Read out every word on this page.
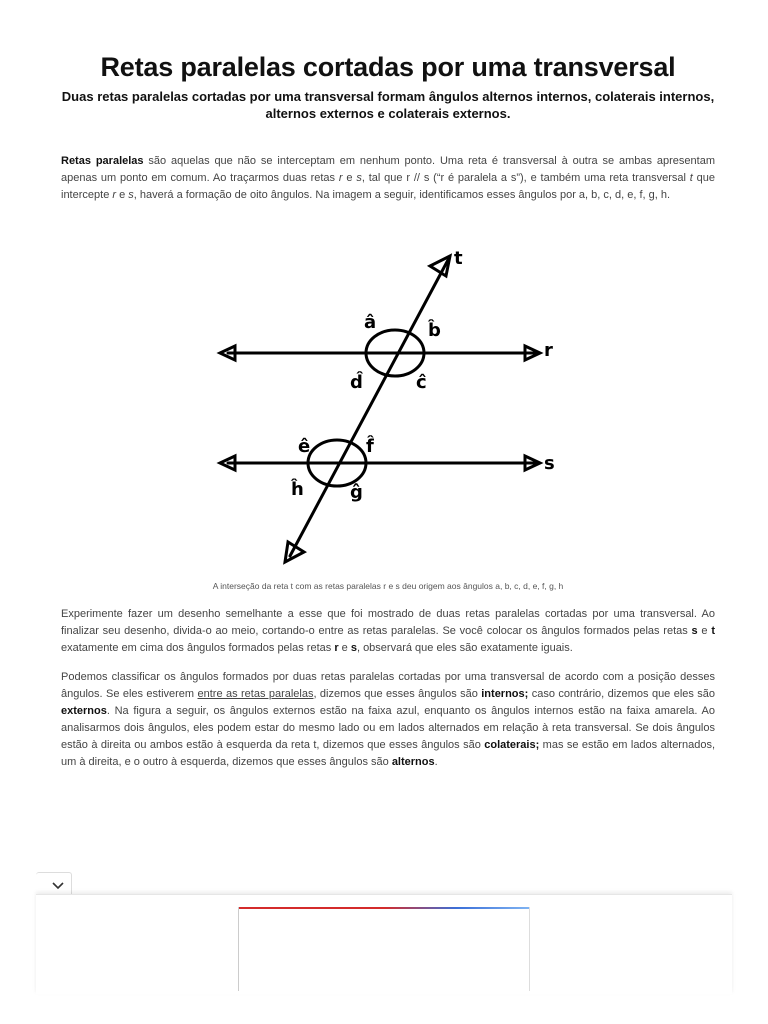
Retas paralelas cortadas por uma transversal
Duas retas paralelas cortadas por uma transversal formam ângulos alternos internos, colaterais internos, alternos externos e colaterais externos.

Retas paralelas são aquelas que não se interceptam em nenhum ponto. Uma reta é transversal à outra se ambas apresentam apenas um ponto em comum. Ao traçarmos duas retas r e s, tal que r // s (“r é paralela a s”), e também uma reta transversal t que intercepte r e s, haverá a formação de oito ângulos. Na imagem a seguir, identificamos esses ângulos por a, b, c, d, e, f, g, h.

A interseção da reta t com as retas paralelas r e s deu origem aos ângulos a, b, c, d, e, f, g, h

Experimente fazer um desenho semelhante a esse que foi mostrado de duas retas paralelas cortadas por uma transversal. Ao finalizar seu desenho, divida-o ao meio, cortando-o entre as retas paralelas. Se você colocar os ângulos formados pelas retas s e t exatamente em cima dos ângulos formados pelas retas r e s, observará que eles são exatamente iguais.

Podemos classificar os ângulos formados por duas retas paralelas cortadas por uma transversal de acordo com a posição desses ângulos. Se eles estiverem entre as retas paralelas, dizemos que esses ângulos são internos; caso contrário, dizemos que eles são externos. Na figura a seguir, os ângulos externos estão na faixa azul, enquanto os ângulos internos estão na faixa amarela. Ao analisarmos dois ângulos, eles podem estar do mesmo lado ou em lados alternados em relação à reta transversal. Se dois ângulos estão à direita ou ambos estão à esquerda da reta t, dizemos que esses ângulos são colaterais; mas se estão em lados alternados, um à direita, e o outro à esquerda, dizemos que esses ângulos são alternos.

t
r
s
â	b̂
ĉ
d̂
ê	f̂
ĝ
ĥ
